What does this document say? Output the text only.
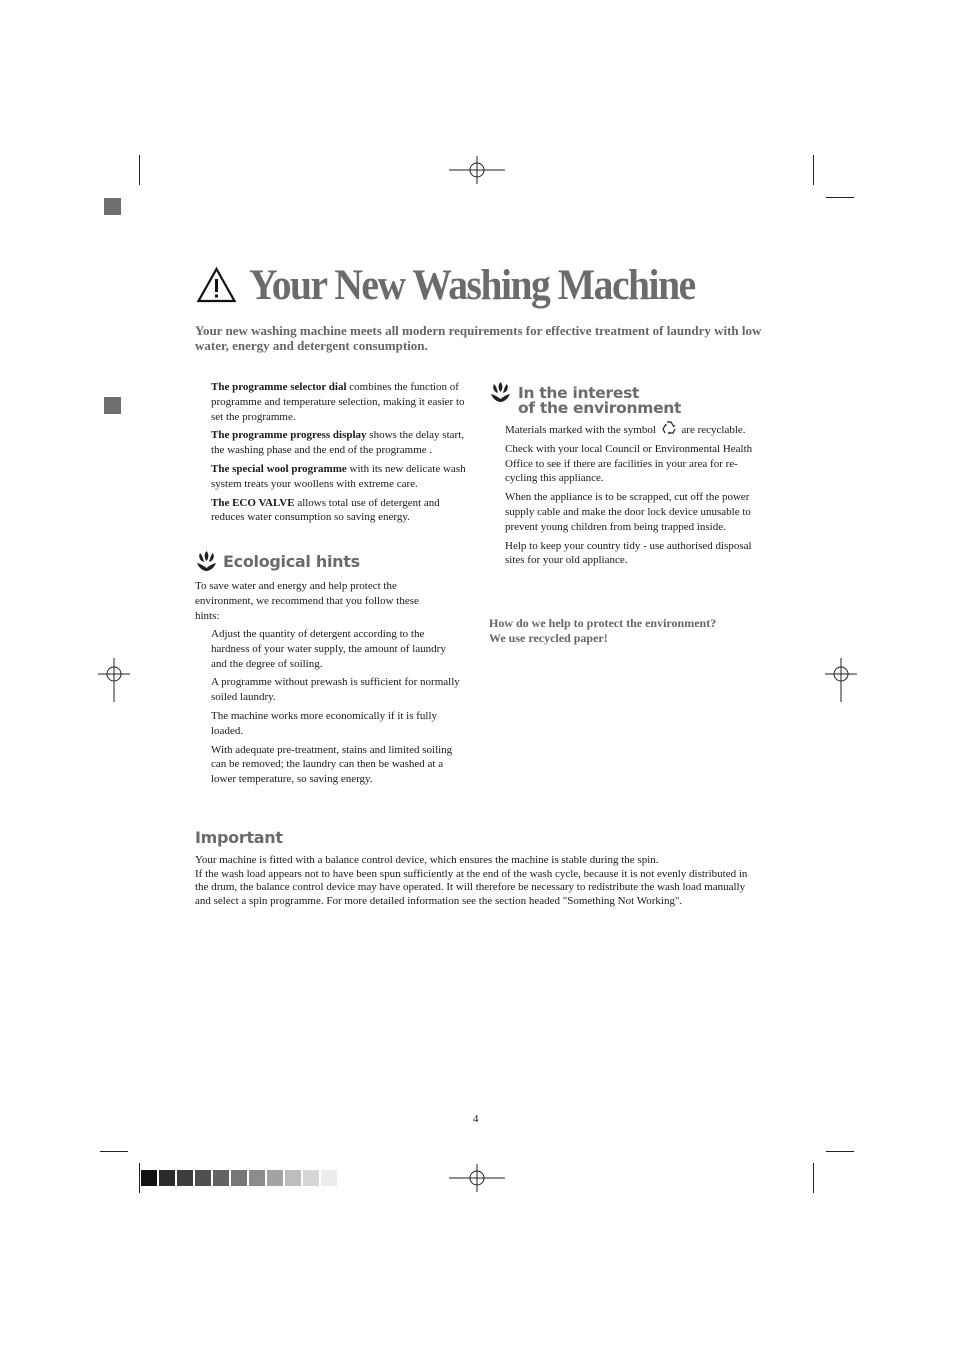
Your New Washing Machine
Your new washing machine meets all modern requirements for effective treatment of laundry with low water, energy and detergent consumption.

The programme selector dial combines the function of programme and temperature selection, making it easier to set the programme.

The programme progress display shows the delay start, the washing phase and the end of the programme .

The special wool programme with its new delicate wash system treats your woollens with extreme care.

The ECO VALVE allows total use of detergent and reduces water consumption so saving energy.

Ecological hints
To save water and energy and help protect the environment, we recommend that you follow these hints:

Adjust the quantity of detergent according to the hardness of your water supply, the amount of laundry and the degree of soiling.

A programme without prewash is sufficient for normally soiled laundry.

The machine works more economically if it is fully loaded.

With adequate pre-treatment, stains and limited soiling can be removed; the laundry can then be washed at a lower temperature, so saving energy.

In the interest
of the environment

Materials marked with the symbol are recyclable.

Check with your local Council or Environmental Health Office to see if there are facilities in your area for re-cycling this appliance.

When the appliance is to be scrapped, cut off the power supply cable and make the door lock device unusable to prevent young children from being trapped inside.

Help to keep your country tidy - use authorised disposal sites for your old appliance.

How do we help to protect the environment?
We use recycled paper!
Important
Your machine is fitted with a balance control device, which ensures the machine is stable during the spin.
If the wash load appears not to have been spun sufficiently at the end of the wash cycle, because it is not evenly distributed in the drum, the balance control device may have operated. It will therefore be necessary to redistribute the wash load manually and select a spin programme. For more detailed information see the section headed "Something Not Working".
4
